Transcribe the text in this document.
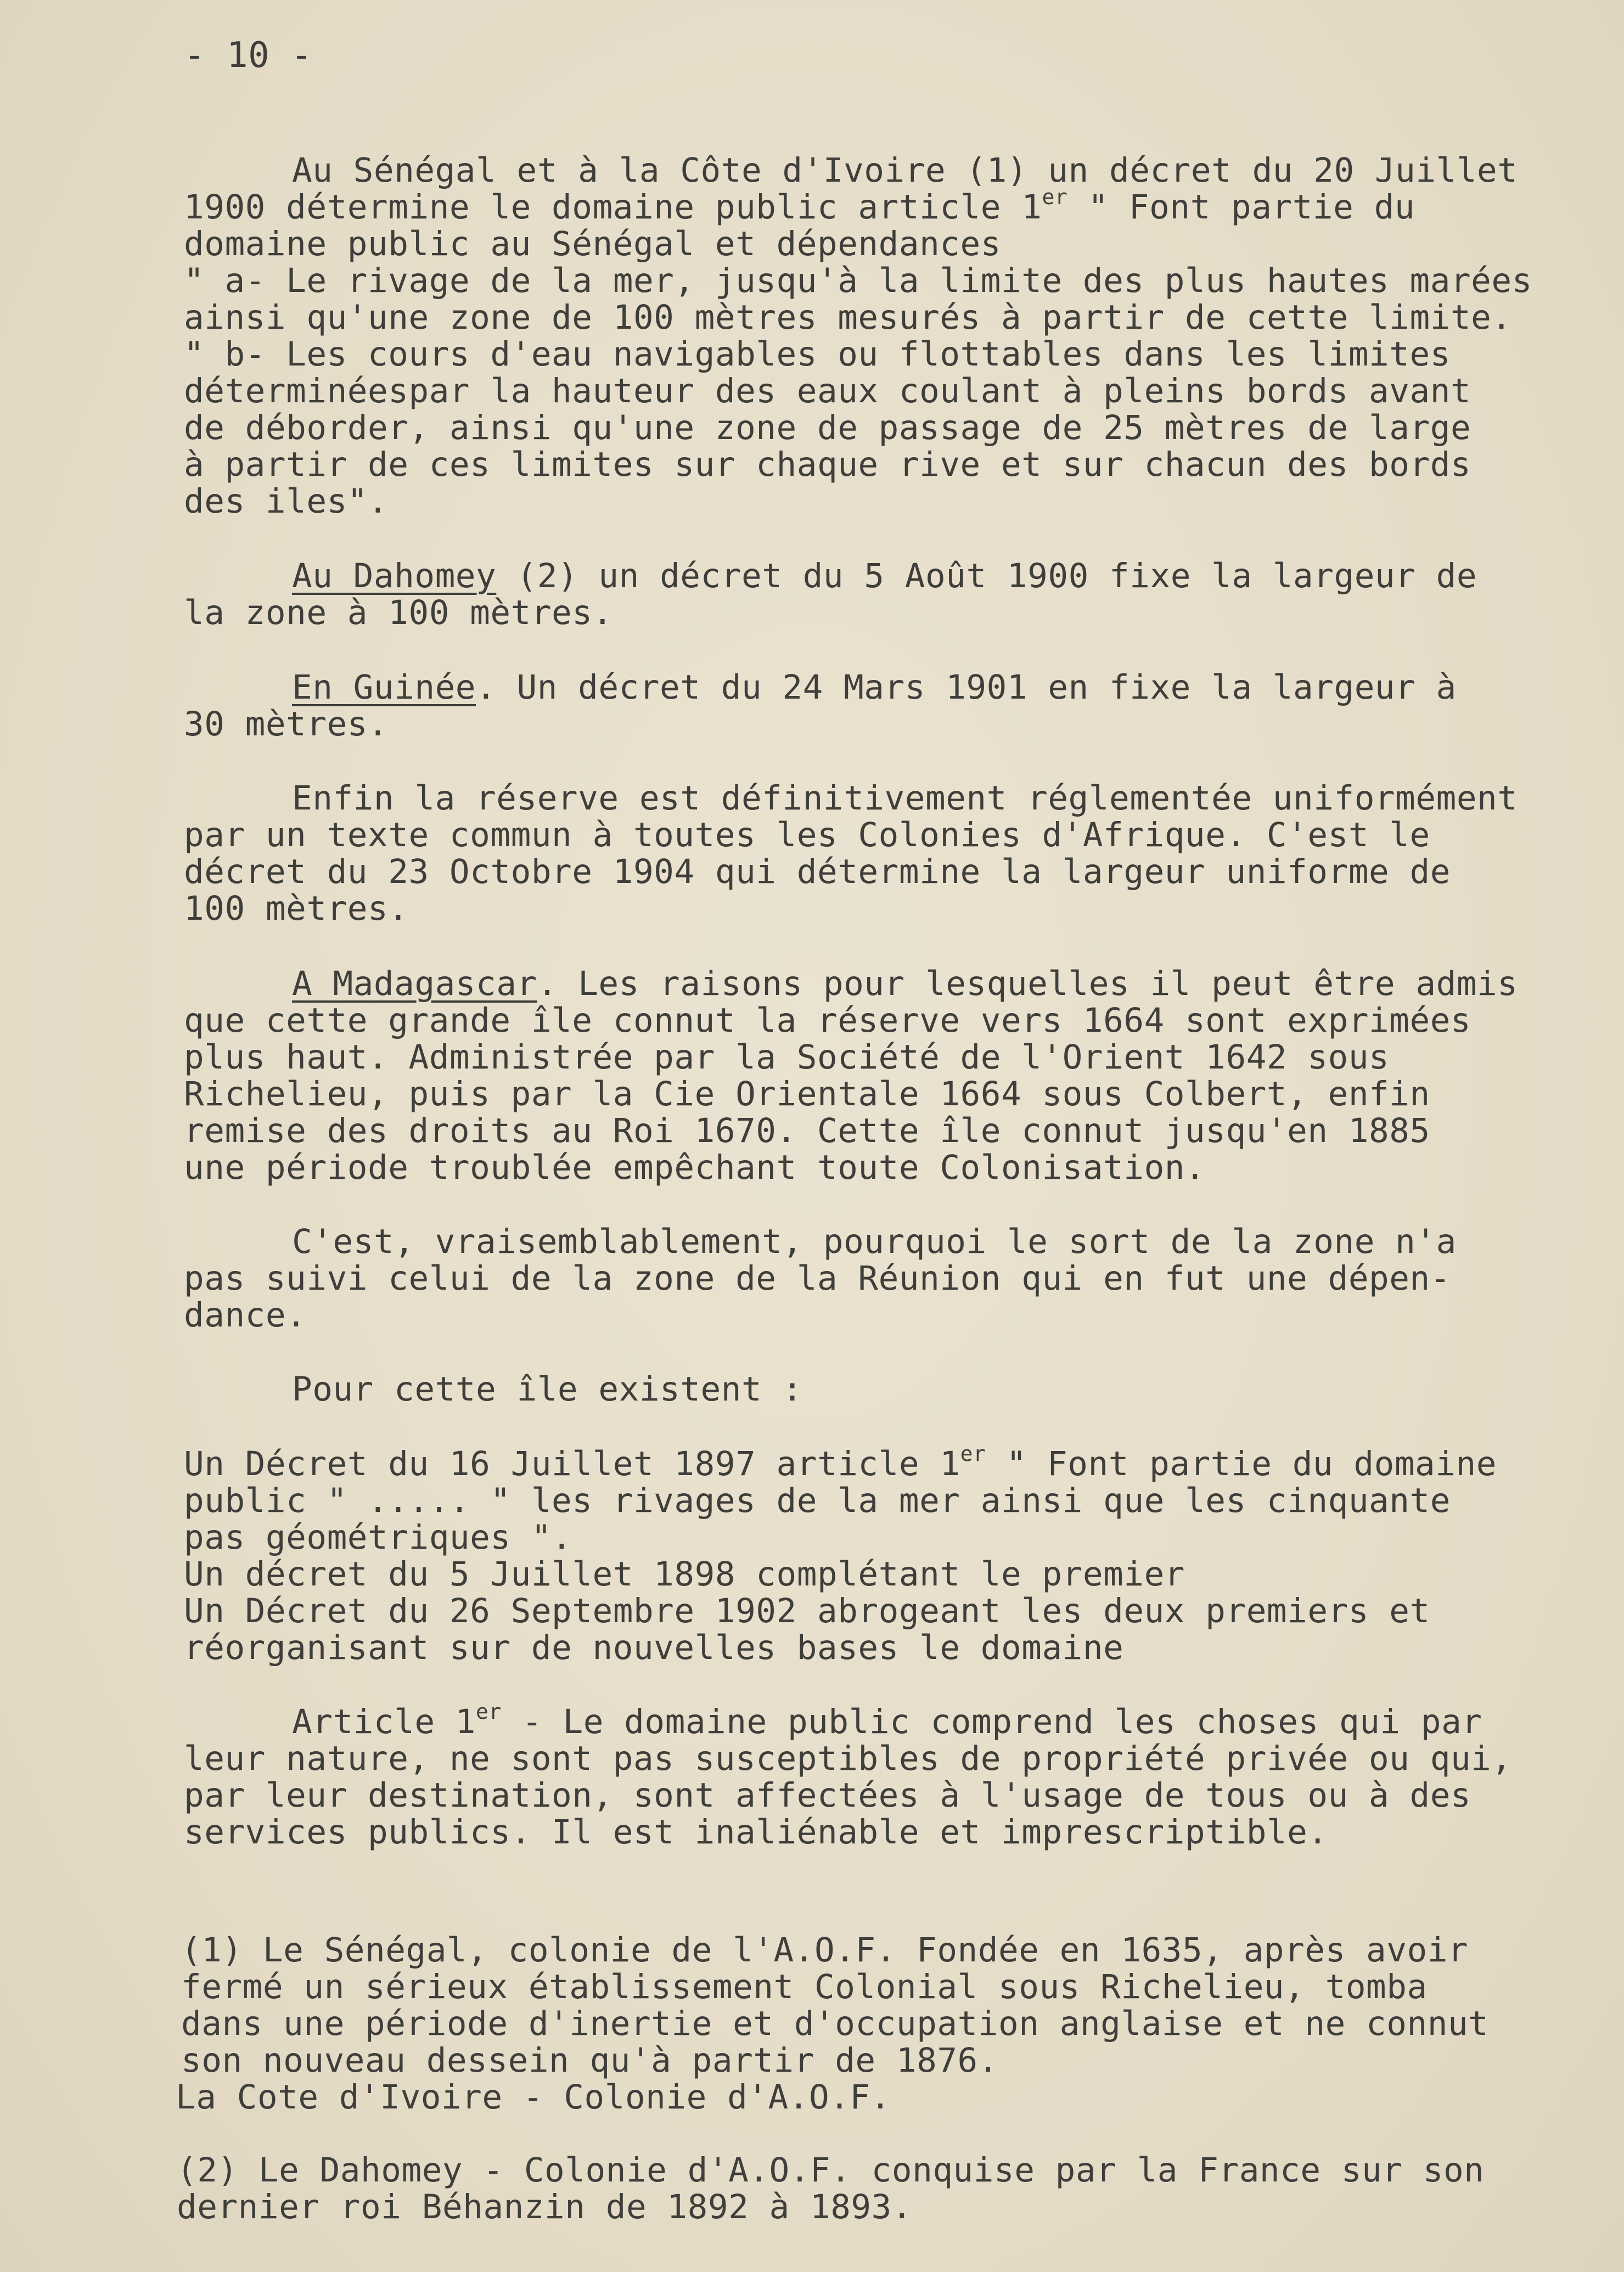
- 10 -
Au Sénégal et à la Côte d'Ivoire (1) un décret du 20 Juillet
1900 détermine le domaine public article 1er " Font partie du
domaine public au Sénégal et dépendances
" a- Le rivage de la mer, jusqu'à la limite des plus hautes marées
ainsi qu'une zone de 100 mètres mesurés à partir de cette limite.
" b- Les cours d'eau navigables ou flottables dans les limites
déterminéespar la hauteur des eaux coulant à pleins bords avant
de déborder, ainsi qu'une zone de passage de 25 mètres de large
à partir de ces limites sur chaque rive et sur chacun des bords
des iles".
Au Dahomey (2) un décret du 5 Août 1900 fixe la largeur de
la zone à 100 mètres.
En Guinée. Un décret du 24 Mars 1901 en fixe la largeur à
30 mètres.
Enfin la réserve est définitivement réglementée uniformément
par un texte commun à toutes les Colonies d'Afrique. C'est le
décret du 23 Octobre 1904 qui détermine la largeur uniforme de
100 mètres.
A Madagascar. Les raisons pour lesquelles il peut être admis
que cette grande île connut la réserve vers 1664 sont exprimées
plus haut. Administrée par la Société de l'Orient 1642 sous
Richelieu, puis par la Cie Orientale 1664 sous Colbert, enfin
remise des droits au Roi 1670. Cette île connut jusqu'en 1885
une période troublée empêchant toute Colonisation.
C'est, vraisemblablement, pourquoi le sort de la zone n'a
pas suivi celui de la zone de la Réunion qui en fut une dépen-
dance.
Pour cette île existent :
Un Décret du 16 Juillet 1897 article 1er " Font partie du domaine
public " ..... " les rivages de la mer ainsi que les cinquante
pas géométriques ".
Un décret du 5 Juillet 1898 complétant le premier
Un Décret du 26 Septembre 1902 abrogeant les deux premiers et
réorganisant sur de nouvelles bases le domaine
Article 1er - Le domaine public comprend les choses qui par
leur nature, ne sont pas susceptibles de propriété privée ou qui,
par leur destination, sont affectées à l'usage de tous ou à des
services publics. Il est inaliénable et imprescriptible.
(1) Le Sénégal, colonie de l'A.O.F. Fondée en 1635, après avoir
fermé un sérieux établissement Colonial sous Richelieu, tomba
dans une période d'inertie et d'occupation anglaise et ne connut
son nouveau dessein qu'à partir de 1876.
La Cote d'Ivoire - Colonie d'A.O.F.
(2) Le Dahomey - Colonie d'A.O.F. conquise par la France sur son
dernier roi Béhanzin de 1892 à 1893.
